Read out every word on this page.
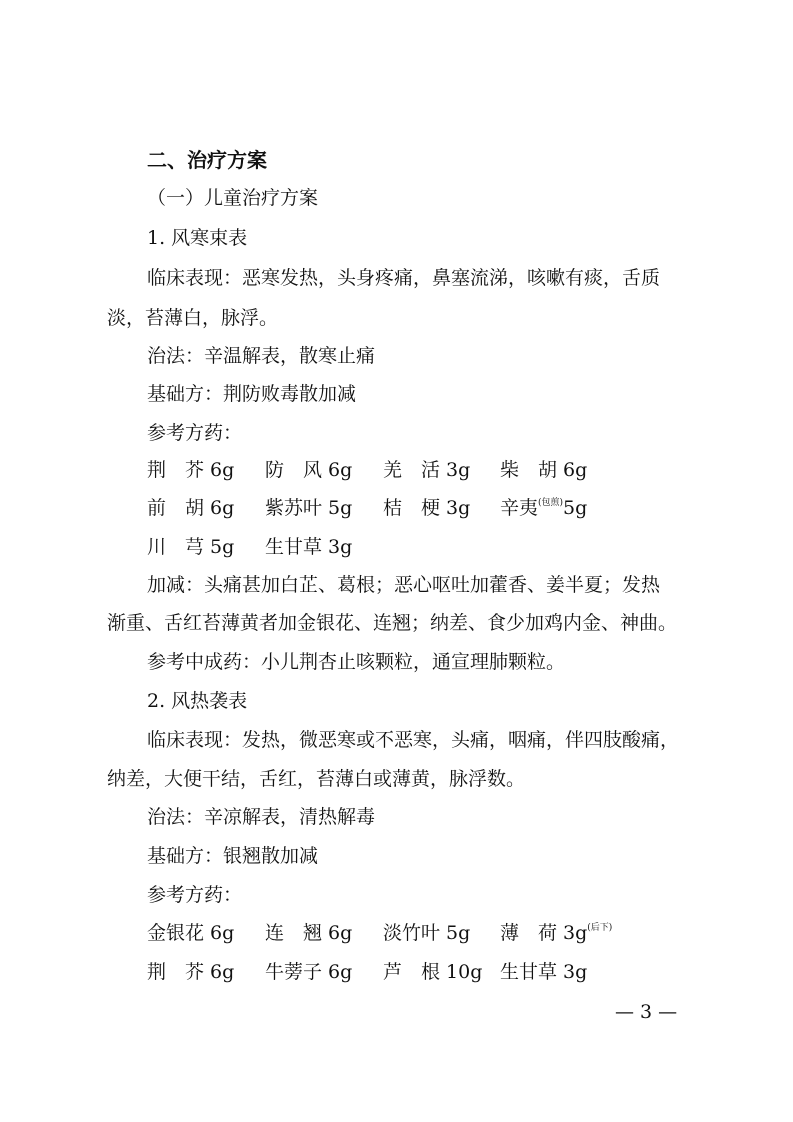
二、治疗方案
（一）儿童治疗方案
1. 风寒束表
临床表现：恶寒发热，头身疼痛，鼻塞流涕，咳嗽有痰，舌质
淡，苔薄白，脉浮。
治法：辛温解表，散寒止痛
基础方：荆防败毒散加减
参考方药：
荆　芥 6g 防　风 6g 羌　活 3g 柴　胡 6g
前　胡 6g 紫苏叶 5g 桔　梗 3g 辛夷$^{(包煎)}$5g
川　芎 5g 生甘草 3g
加减：头痛甚加白芷、葛根；恶心呕吐加藿香、姜半夏；发热
渐重、舌红苔薄黄者加金银花、连翘；纳差、食少加鸡内金、神曲。
参考中成药：小儿荆杏止咳颗粒，通宣理肺颗粒。
2. 风热袭表
临床表现：发热，微恶寒或不恶寒，头痛，咽痛，伴四肢酸痛，
纳差，大便干结，舌红，苔薄白或薄黄，脉浮数。
治法：辛凉解表，清热解毒
基础方：银翘散加减
参考方药：
金银花 6g 连　翘 6g 淡竹叶 5g 薄　荷 $3g^{(后下)}$
荆　芥 6g 牛蒡子 6g 芦　根 10g 生甘草 3g
— 3 —
